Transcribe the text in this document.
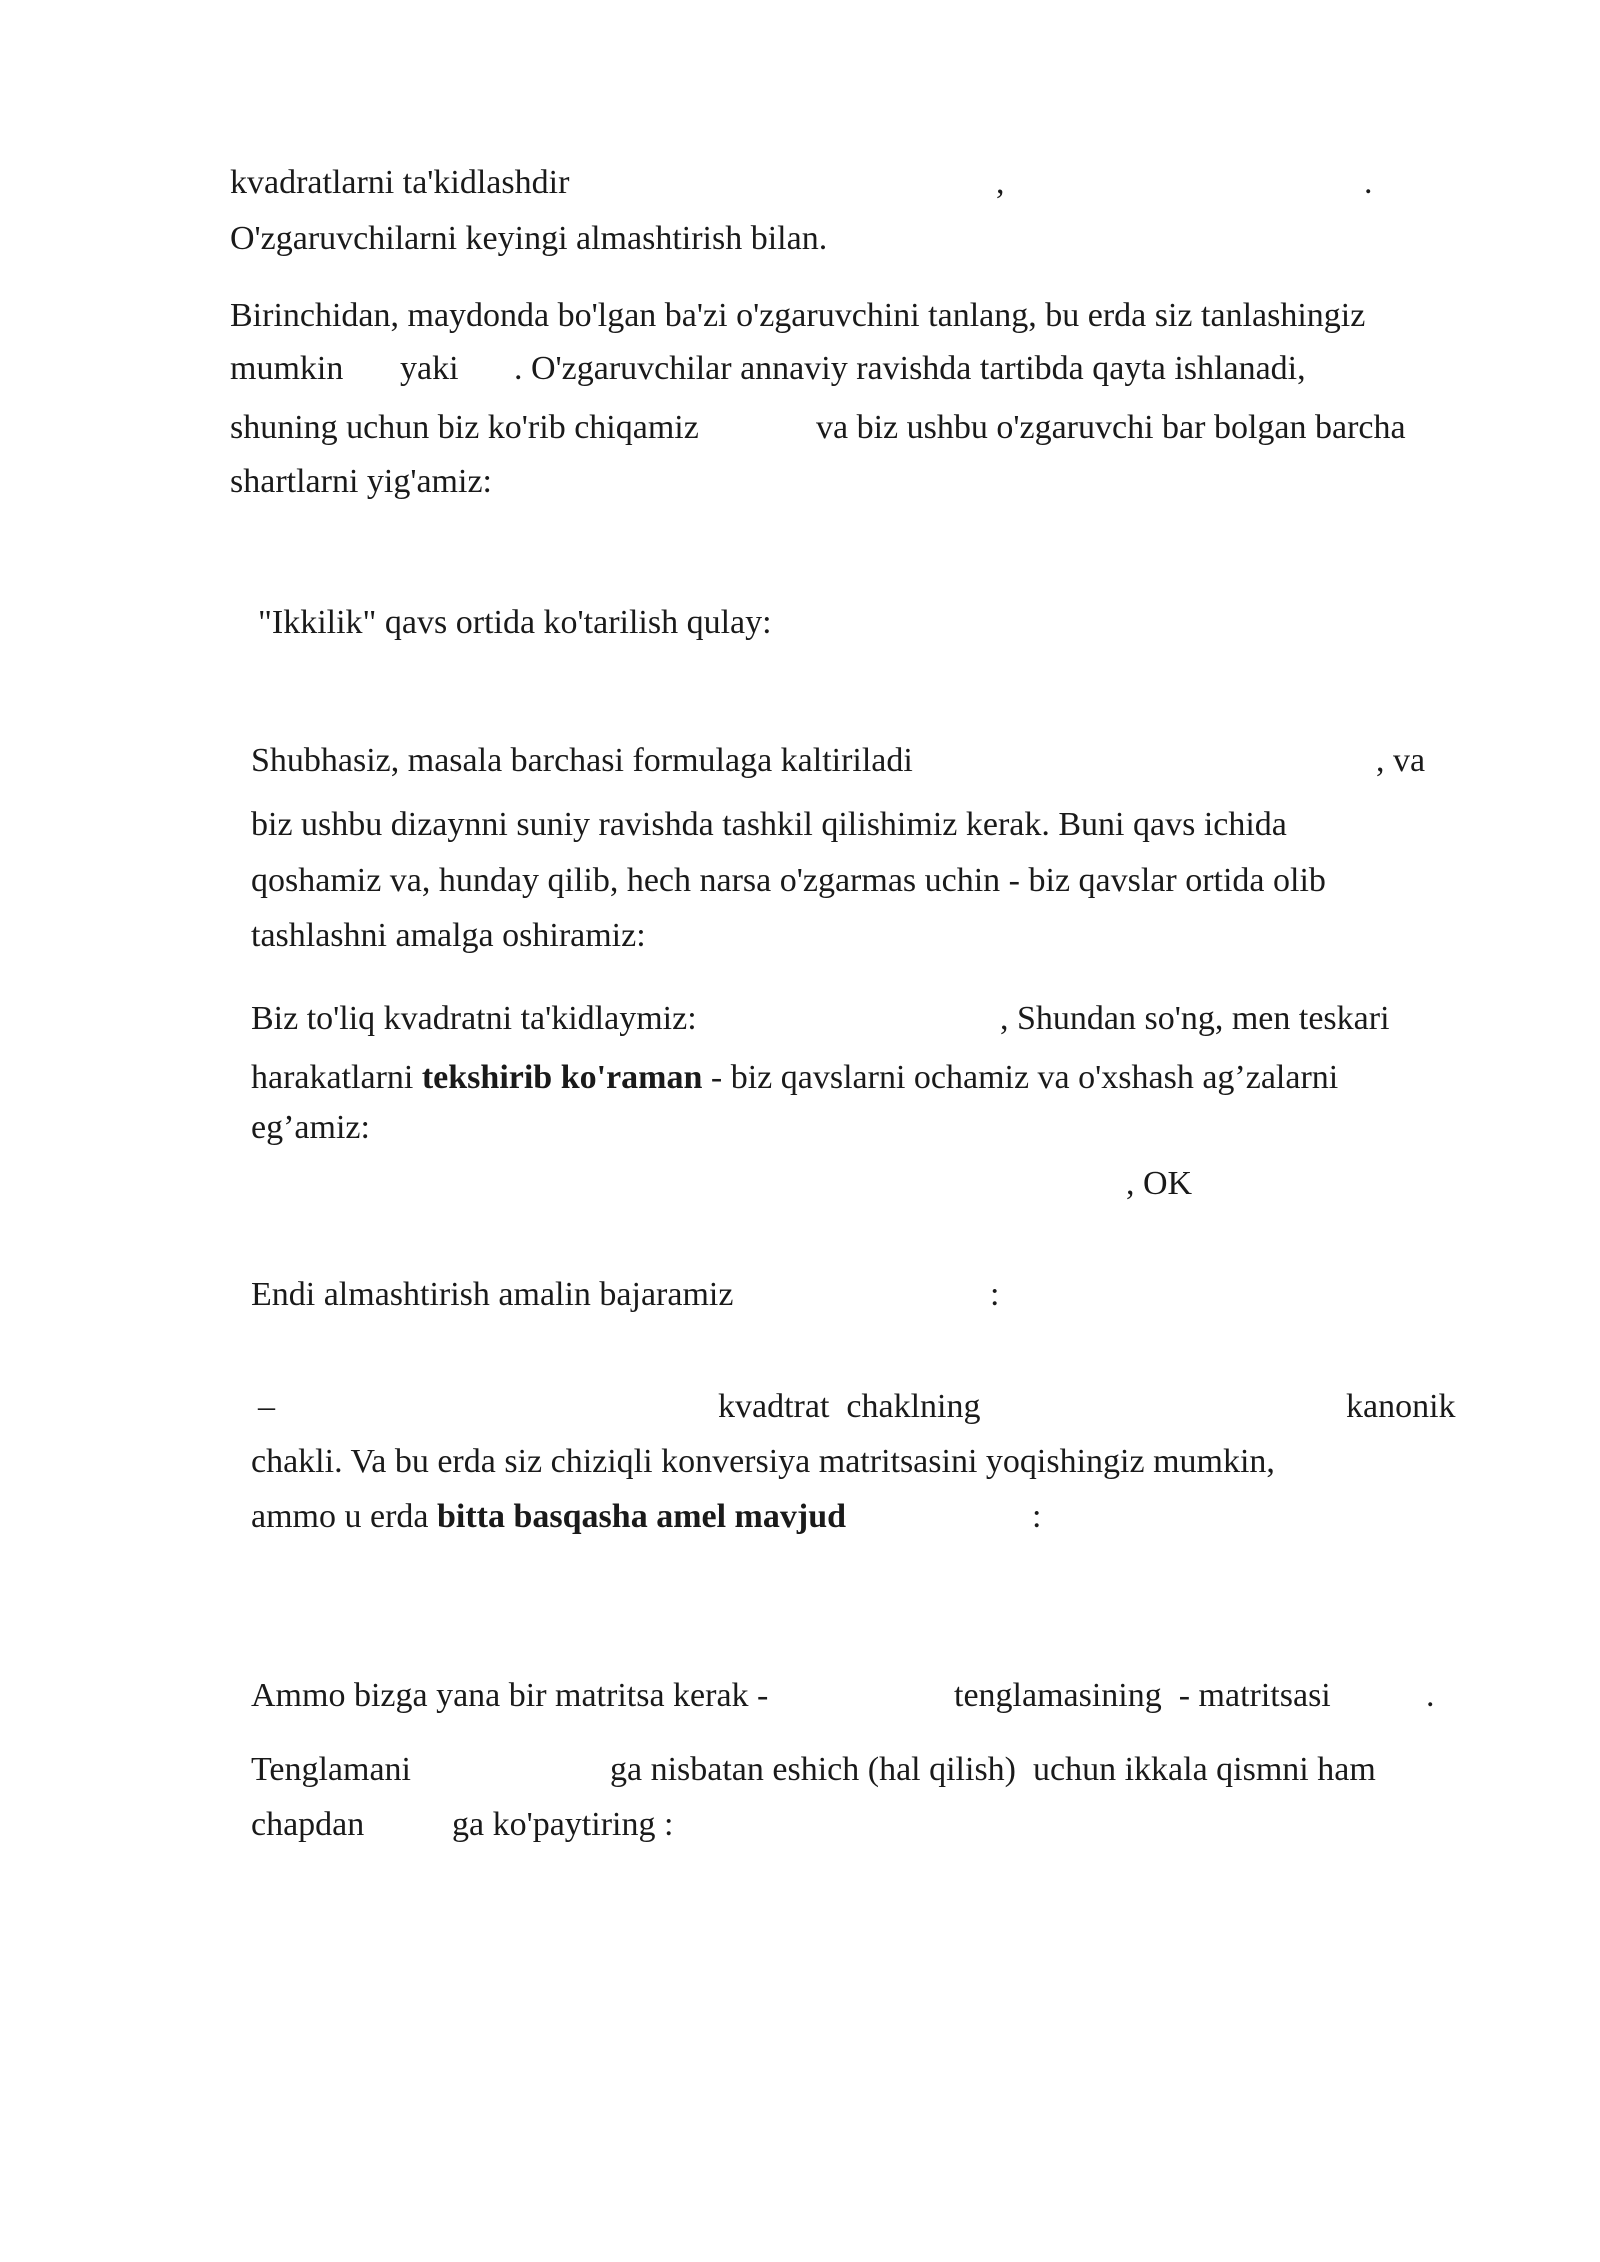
kvadratlarni ta'kidlashdir	,	.
O'zgaruvchilarni keyingi almashtirish bilan.
Birinchidan, maydonda bo'lgan ba'zi o'zgaruvchini tanlang, bu erda siz tanlashingiz
mumkin yaki . O'zgaruvchilar annaviy ravishda tartibda qayta ishlanadi,
shuning uchun biz ko'rib chiqamiz	va biz ushbu o'zgaruvchi bar bolgan barcha
shartlarni yig'amiz:
"Ikkilik" qavs ortida ko'tarilish qulay:
Shubhasiz, masala barchasi formulaga kaltiriladi	, va
biz ushbu dizaynni suniy ravishda tashkil qilishimiz kerak. Buni qavs ichida
qoshamiz va, hunday qilib, hech narsa o'zgarmas uchin - biz qavslar ortida olib
tashlashni amalga oshiramiz:
Biz to'liq kvadratni ta'kidlaymiz:	, Shundan so'ng, men teskari
harakatlarni tekshirib ko'raman - biz qavslarni ochamiz va o'xshash ag’zalarni
eg’amiz:
, OK
Endi almashtirish amalin bajaramiz	:
–	kvadtrat  chaklning	kanonik
chakli. Va bu erda siz chiziqli konversiya matritsasini yoqishingiz mumkin,
ammo u erda bitta basqasha amel mavjud	:
Ammo bizga yana bir matritsa kerak -	tenglamasining  - matritsasi	.
Tenglamani	ga nisbatan eshich (hal qilish)  uchun ikkala qismni ham
chapdan	ga ko'paytiring :
